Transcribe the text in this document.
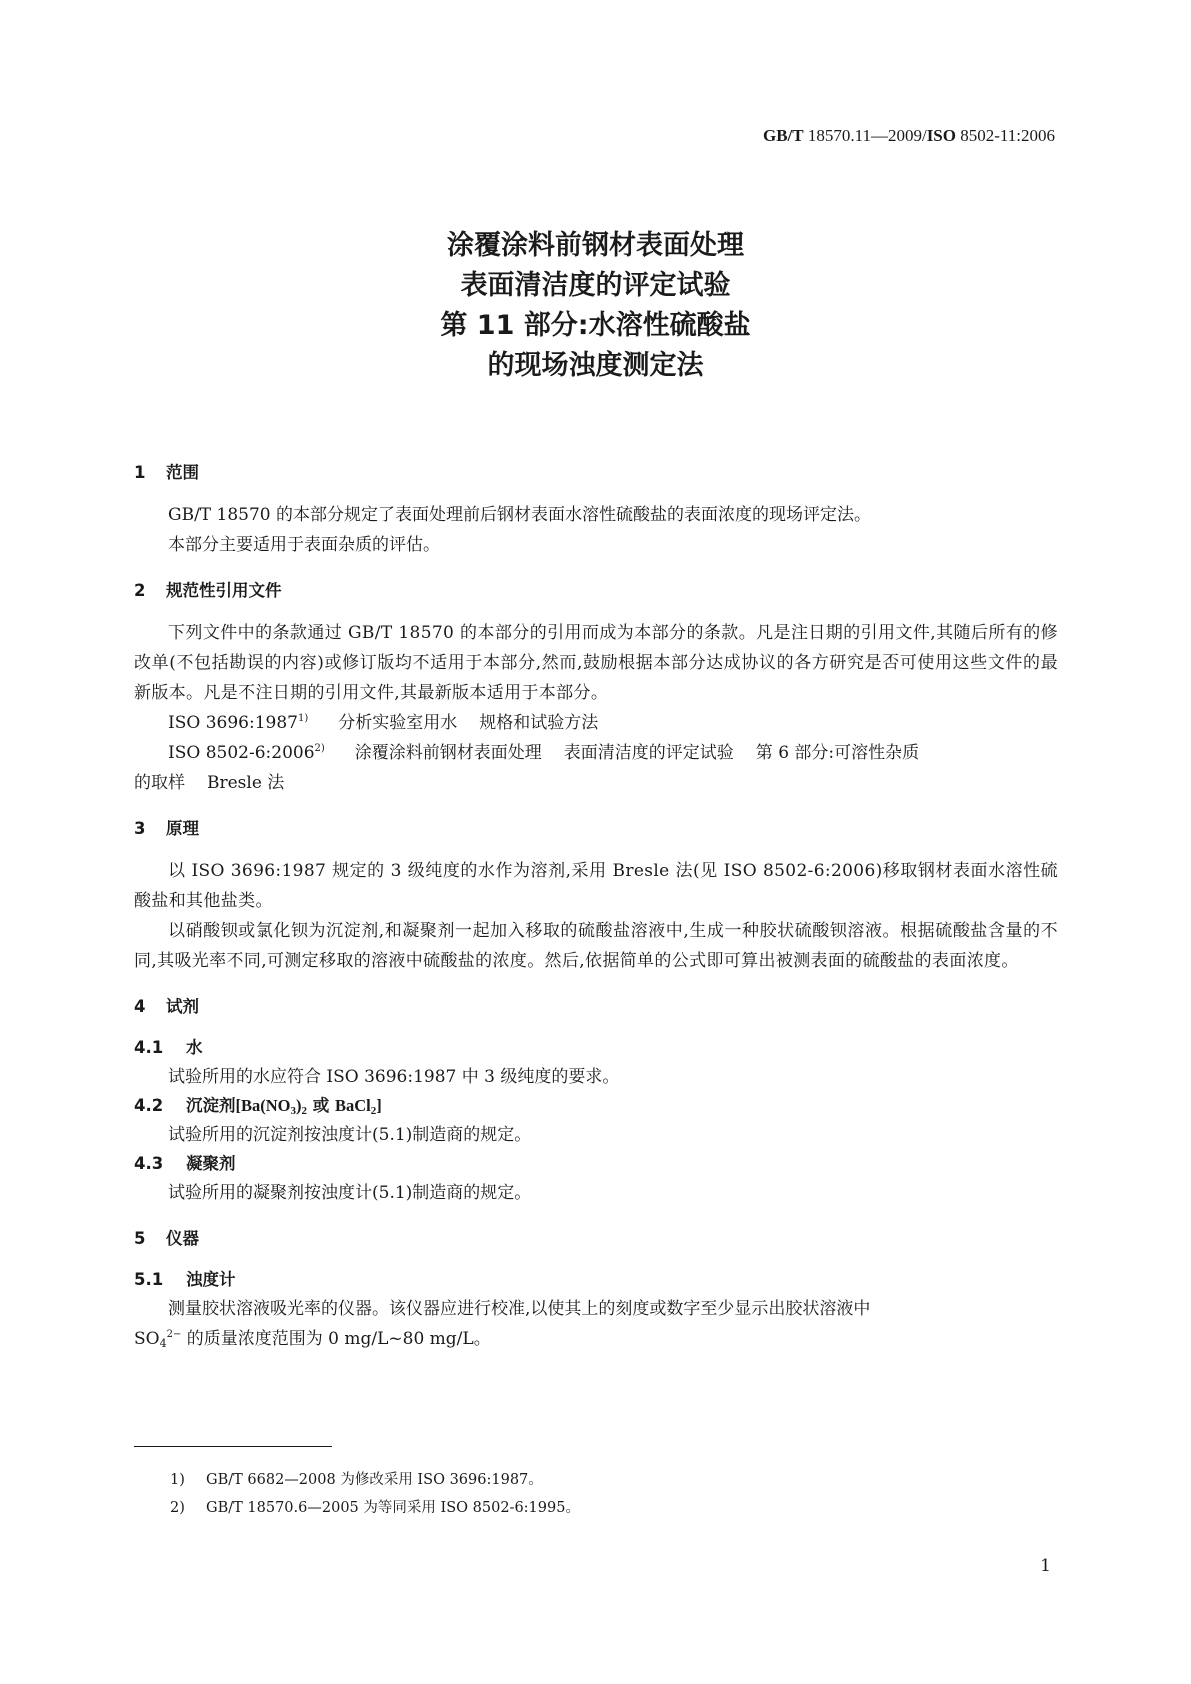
GB/T 18570.11—2009/ISO 8502-11:2006
涂覆涂料前钢材表面处理
表面清洁度的评定试验
第 11 部分:水溶性硫酸盐
的现场浊度测定法
1 范围
GB/T 18570 的本部分规定了表面处理前后钢材表面水溶性硫酸盐的表面浓度的现场评定法。
本部分主要适用于表面杂质的评估。
2 规范性引用文件
下列文件中的条款通过 GB/T 18570 的本部分的引用而成为本部分的条款。凡是注日期的引用文件,其随后所有的修改单(不包括勘误的内容)或修订版均不适用于本部分,然而,鼓励根据本部分达成协议的各方研究是否可使用这些文件的最新版本。凡是不注日期的引用文件,其最新版本适用于本部分。
ISO 3696:1987$^{1)}$ 分析实验室用水 规格和试验方法
ISO 8502-6:2006$^{2)}$ 涂覆涂料前钢材表面处理 表面清洁度的评定试验 第 6 部分:可溶性杂质
的取样 Bresle 法
3 原理
以 ISO 3696:1987 规定的 3 级纯度的水作为溶剂,采用 Bresle 法(见 ISO 8502-6:2006)移取钢材表面水溶性硫酸盐和其他盐类。
以硝酸钡或氯化钡为沉淀剂,和凝聚剂一起加入移取的硫酸盐溶液中,生成一种胶状硫酸钡溶液。根据硫酸盐含量的不同,其吸光率不同,可测定移取的溶液中硫酸盐的浓度。然后,依据简单的公式即可算出被测表面的硫酸盐的表面浓度。
4 试剂
4.1 水
试验所用的水应符合 ISO 3696:1987 中 3 级纯度的要求。
4.2 沉淀剂[$Ba(NO_3)_2$ 或 BaCl$_2$]
试验所用的沉淀剂按浊度计(5.1)制造商的规定。
4.3 凝聚剂
试验所用的凝聚剂按浊度计(5.1)制造商的规定。
5 仪器
5.1 浊度计
测量胶状溶液吸光率的仪器。该仪器应进行校准,以使其上的刻度或数字至少显示出胶状溶液中
$SO_4^{2-}$ 的质量浓度范围为 0 mg/L~80 mg/L。
1) GB/T 6682—2008 为修改采用 ISO 3696:1987。
2) GB/T 18570.6—2005 为等同采用 ISO 8502-6:1995。
1
